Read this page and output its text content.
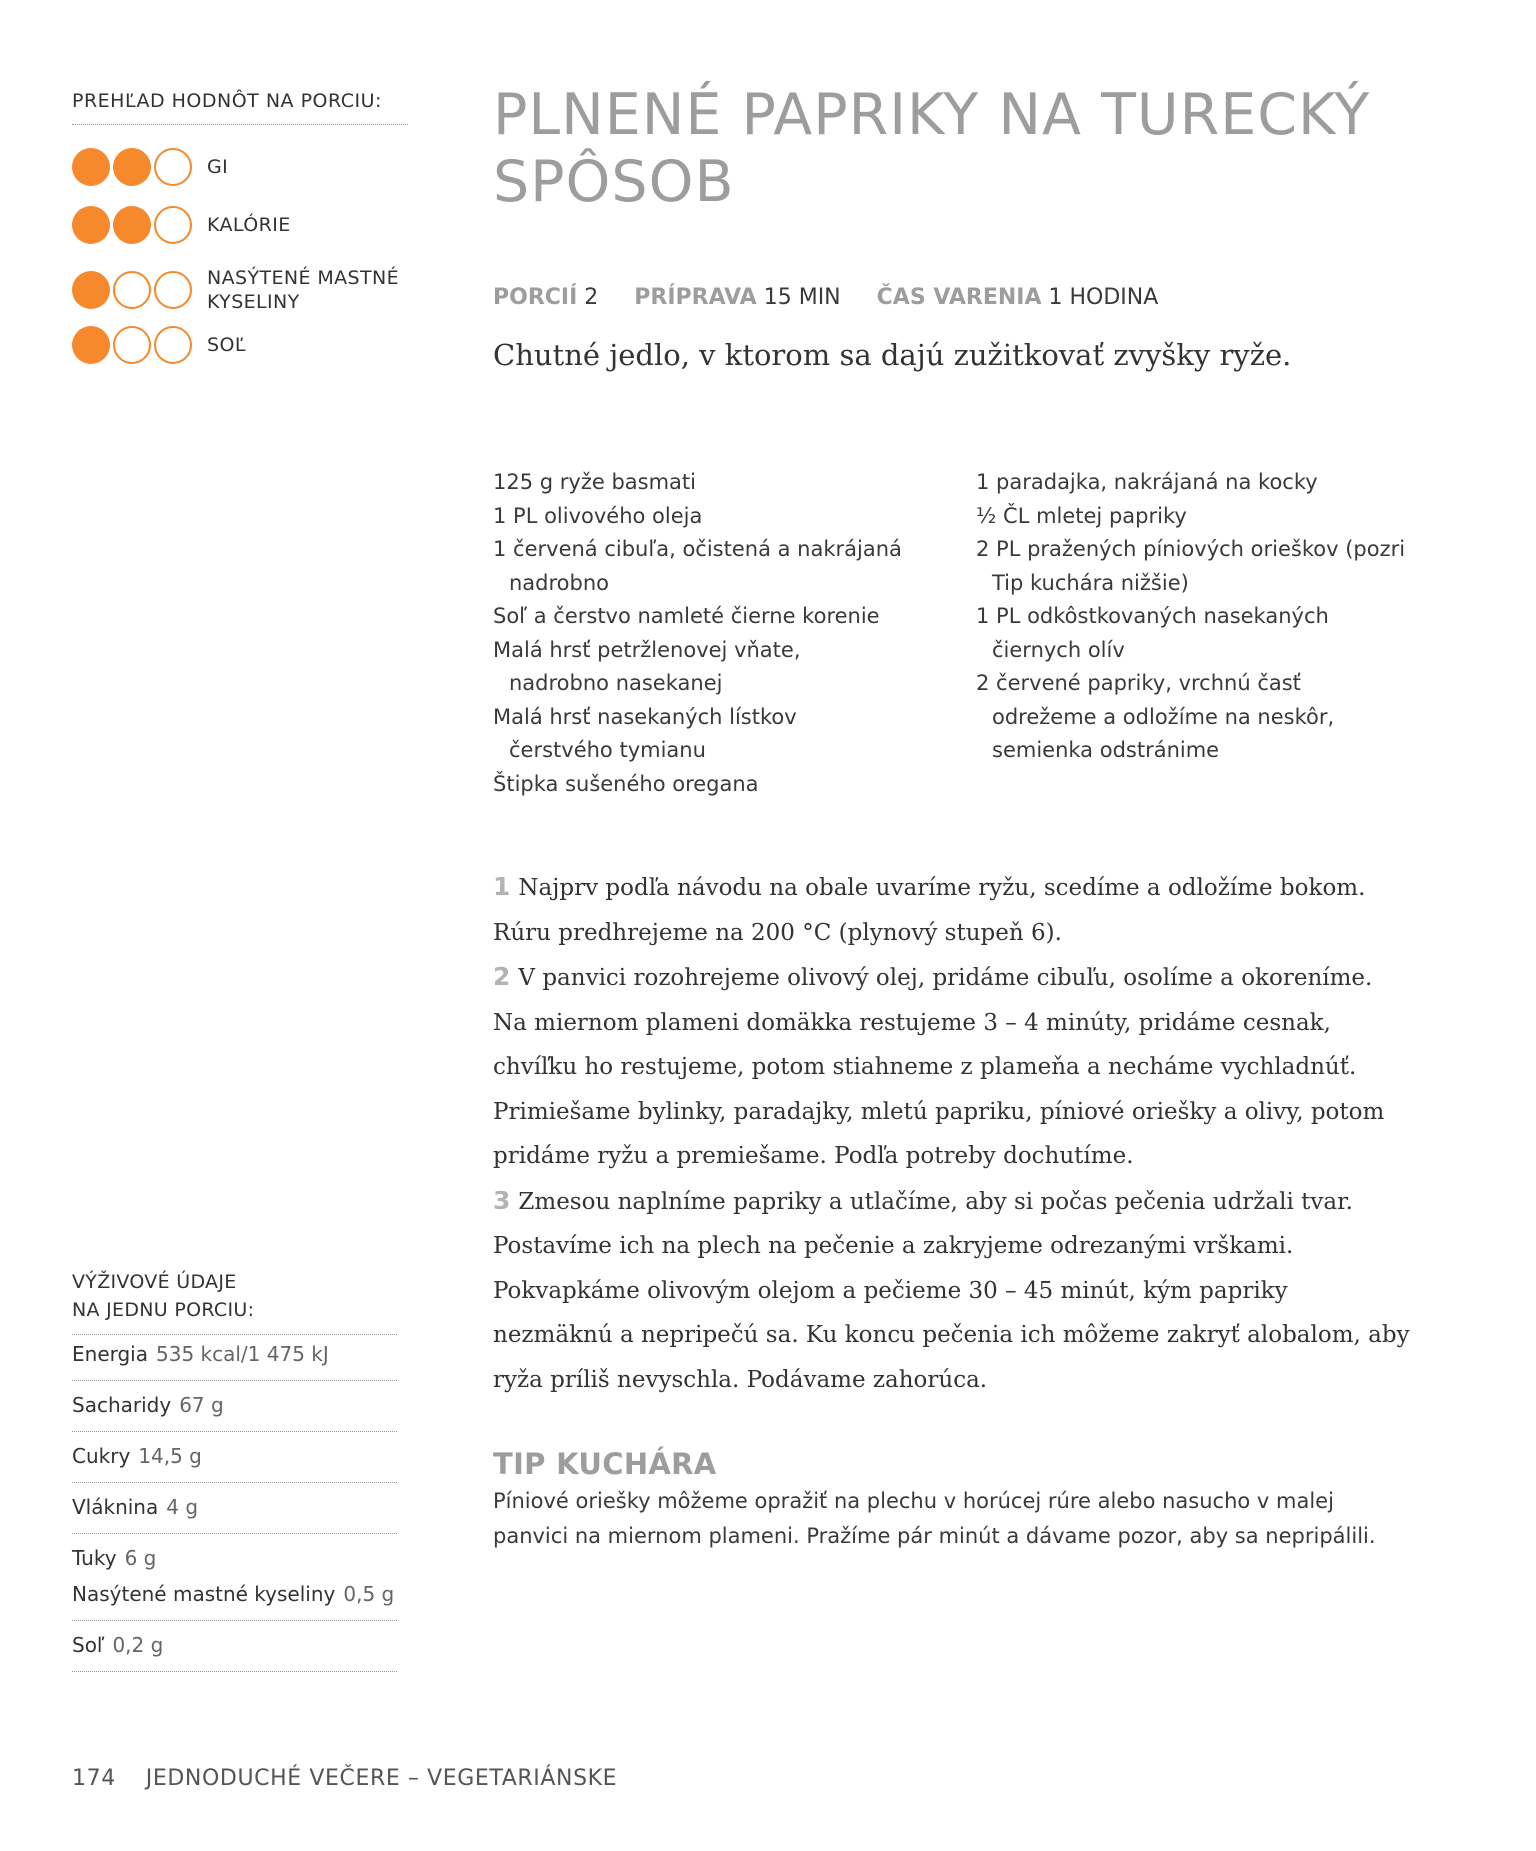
PREHĽAD HODNÔT NA PORCIU:
GI
KALÓRIE
NASÝTENÉ MASTNÉ KYSELINY
SOĽ
PLNENÉ PAPRIKY NA TURECKÝ SPÔSOB
PORCIÍ 2 PRÍPRAVA 15 MIN ČAS VARENIA 1 HODINA
Chutné jedlo, v ktorom sa dajú zužitkovať zvyšky ryže.
125 g ryže basmati
1 PL olivového oleja
1 červená cibuľa, očistená a nakrájaná nadrobno
Soľ a čerstvo namleté čierne korenie
Malá hrsť petržlenovej vňate, nadrobno nasekanej
Malá hrsť nasekaných lístkov čerstvého tymianu
Štipka sušeného oregana
1 paradajka, nakrájaná na kocky
½ ČL mletej papriky
2 PL pražených píniových orieškov (pozri Tip kuchára nižšie)
1 PL odkôstkovaných nasekaných čiernych olív
2 červené papriky, vrchnú časť odrežeme a odložíme na neskôr, semienka odstránime
1 Najprv podľa návodu na obale uvaríme ryžu, scedíme a odložíme bokom. Rúru predhrejeme na 200 °C (plynový stupeň 6).
2 V panvici rozohrejeme olivový olej, pridáme cibuľu, osolíme a okoreníme. Na miernom plameni domäkka restujeme 3 – 4 minúty, pridáme cesnak, chvíľku ho restujeme, potom stiahneme z plameňa a necháme vychladnúť. Primiešame bylinky, paradajky, mletú papriku, píniové oriešky a olivy, potom pridáme ryžu a premiešame. Podľa potreby dochutíme.
3 Zmesou naplníme papriky a utlačíme, aby si počas pečenia udržali tvar. Postavíme ich na plech na pečenie a zakryjeme odrezanými vrškami. Pokvapkáme olivovým olejom a pečieme 30 – 45 minút, kým papriky nezmäknú a nepripečú sa. Ku koncu pečenia ich môžeme zakryť alobalom, aby ryža príliš nevyschla. Podávame zahorúca.
TIP KUCHÁRA
Píniové oriešky môžeme opražiť na plechu v horúcej rúre alebo nasucho v malej panvici na miernom plameni. Pražíme pár minút a dávame pozor, aby sa nepripálili.
VÝŽIVOVÉ ÚDAJE
NA JEDNU PORCIU:
Energia 535 kcal/1 475 kJ
Sacharidy 67 g
Cukry 14,5 g
Vláknina 4 g
Tuky 6 g
Nasýtené mastné kyseliny 0,5 g
Soľ 0,2 g
174 JEDNODUCHÉ VEČERE – VEGETARIÁNSKE
